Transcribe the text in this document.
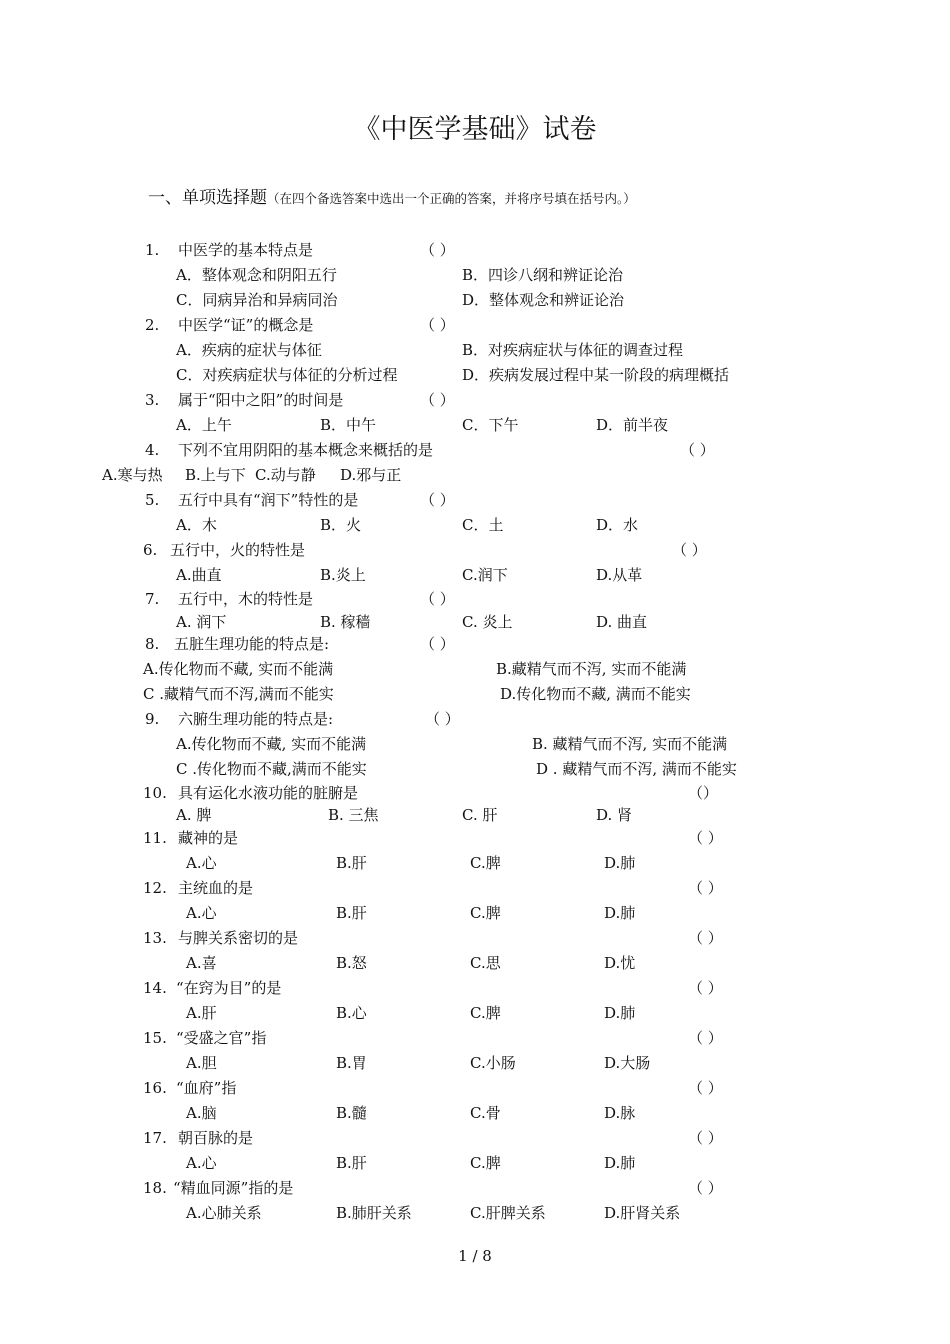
《中医学基础》试卷
一、单项选择题（在四个备选答案中选出一个正确的答案，并将序号填在括号内。）
1. 中医学的基本特点是	（ ）
A．整体观念和阴阳五行	B．四诊八纲和辨证论治
C．同病异治和异病同治	D．整体观念和辨证论治
2. 中医学“证”的概念是	（ ）
A．疾病的症状与体征	B．对疾病症状与体征的调查过程
C．对疾病症状与体征的分析过程	D．疾病发展过程中某一阶段的病理概括
3. 属于“阳中之阳”的时间是	（ ）
A．上午	B．中午	C．下午	D．前半夜
4. 下列不宜用阴阳的基本概念来概括的是	（ ）
A.寒与热 B.上与下 C.动与静 D.邪与正
5. 五行中具有“润下”特性的是	（ ）
A．木	B．火	C．土	D．水
6. 五行中，火的特性是	（ ）
A.曲直	B.炎上	C.润下	D.从革
7. 五行中，木的特性是	（ ）
A. 润下	B. 稼穑	C. 炎上	D. 曲直
8. 五脏生理功能的特点是:	（ ）
A.传化物而不藏, 实而不能满	B.藏精气而不泻, 实而不能满
C .藏精气而不泻,满而不能实	D.传化物而不藏, 满而不能实
9. 六腑生理功能的特点是:	（ ）
A.传化物而不藏, 实而不能满	B. 藏精气而不泻, 实而不能满
C .传化物而不藏,满而不能实	D . 藏精气而不泻, 满而不能实
10. 具有运化水液功能的脏腑是	（）
A. 脾	B. 三焦	C. 肝	D. 肾
11. 藏神的是	（ ）
A.心	B.肝	C.脾	D.肺
12. 主统血的是	（ ）
A.心	B.肝	C.脾	D.肺
13. 与脾关系密切的是	（ ）
A.喜	B.怒	C.思	D.忧
14. “在窍为目”的是	（ ）
A.肝	B.心	C.脾	D.肺
15. “受盛之官”指	（ ）
A.胆	B.胃	C.小肠	D.大肠
16. “血府”指	（ ）
A.脑	B.髓	C.骨	D.脉
17. 朝百脉的是	（ ）
A.心	B.肝	C.脾	D.肺
18. “精血同源”指的是	（ ）
A.心肺关系	B.肺肝关系	C.肝脾关系	D.肝肾关系
1 / 8
